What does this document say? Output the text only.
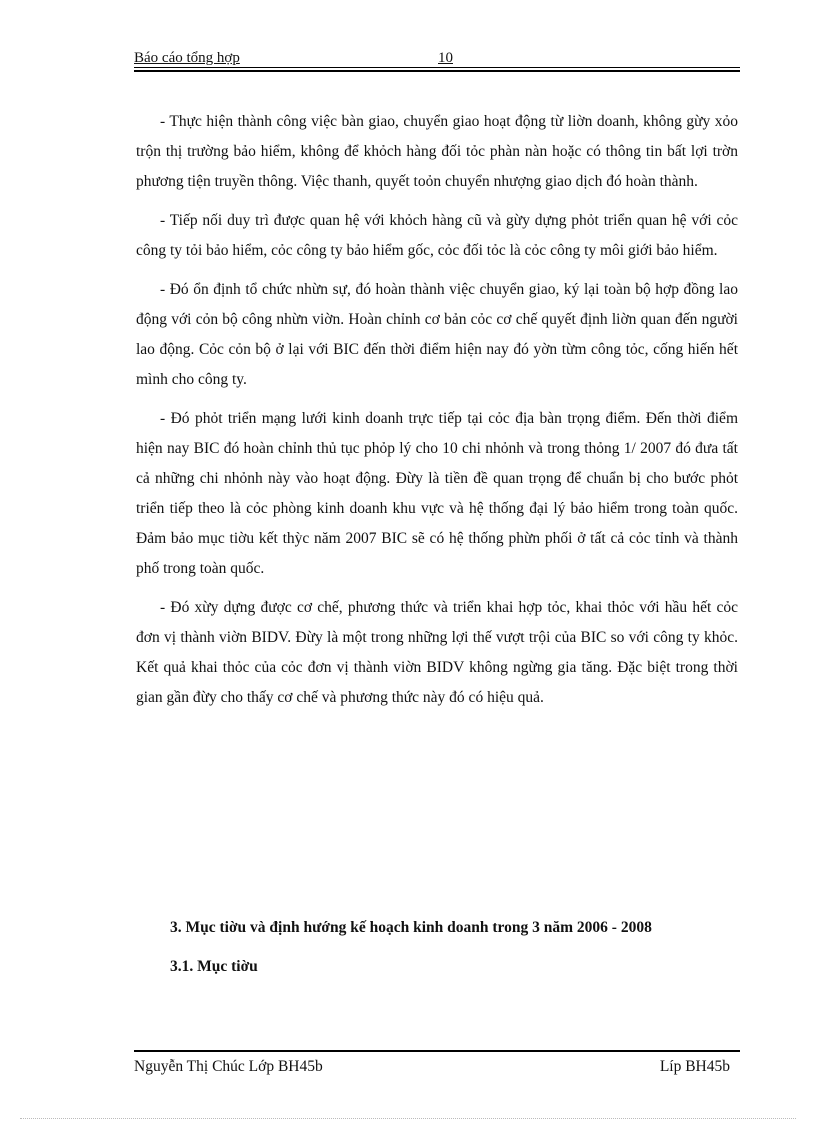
Báo cáo tổng hợp	10

- Thực hiện thành công việc bàn giao, chuyển giao hoạt động từ liờn doanh, không gừy xỏo trộn thị trường bảo hiểm, không để khỏch hàng đối tỏc phàn nàn hoặc có thông tin bất lợi trờn phương tiện truyền thông. Việc thanh, quyết toỏn chuyển nhượng giao dịch đó hoàn thành.

- Tiếp nối duy trì được quan hệ với khỏch hàng cũ và gừy dựng phỏt triển quan hệ với cỏc công ty tỏi bảo hiểm, cỏc công ty bảo hiểm gốc, cỏc đối tỏc là cỏc công ty môi giới bảo hiểm.

- Đó ổn định tổ chức nhừn sự, đó hoàn thành việc chuyển giao, ký lại toàn bộ hợp đồng lao động với cỏn bộ công nhừn viờn. Hoàn chỉnh cơ bản cỏc cơ chế quyết định liờn quan đến người lao động. Cỏc cỏn bộ ở lại với BIC đến thời điểm hiện nay đó yờn từm công tỏc, cống hiến hết mình cho công ty.

- Đó phỏt triển mạng lưới kinh doanh trực tiếp tại cỏc địa bàn trọng điểm. Đến thời điểm hiện nay BIC đó hoàn chỉnh thủ tục phỏp lý cho 10 chi nhỏnh và trong thỏng 1/ 2007 đó đưa tất cả những chi nhỏnh này vào hoạt động. Đừy là tiền đề quan trọng để chuẩn bị cho bước phỏt triển tiếp theo là cỏc phòng kinh doanh khu vực và hệ thống đại lý bảo hiểm trong toàn quốc. Đảm bảo mục tiờu kết thỳc năm 2007 BIC sẽ có hệ thống phừn phối ở tất cả cỏc tỉnh và thành phố trong toàn quốc.

- Đó xừy dựng được cơ chế, phương thức và triển khai hợp tỏc, khai thỏc với hầu hết cỏc đơn vị thành viờn BIDV. Đừy là một trong những lợi thế vượt trội của BIC so với công ty khỏc. Kết quả khai thỏc của cỏc đơn vị thành viờn BIDV không ngừng gia tăng. Đặc biệt trong thời gian gần đừy cho thấy cơ chế và phương thức này đó có hiệu quả.

3. Mục tiờu và định hướng kế hoạch kinh doanh trong 3 năm 2006 - 2008
3.1. Mục tiờu
Nguyễn Thị Chúc Lớp BH45b	Líp BH45b
